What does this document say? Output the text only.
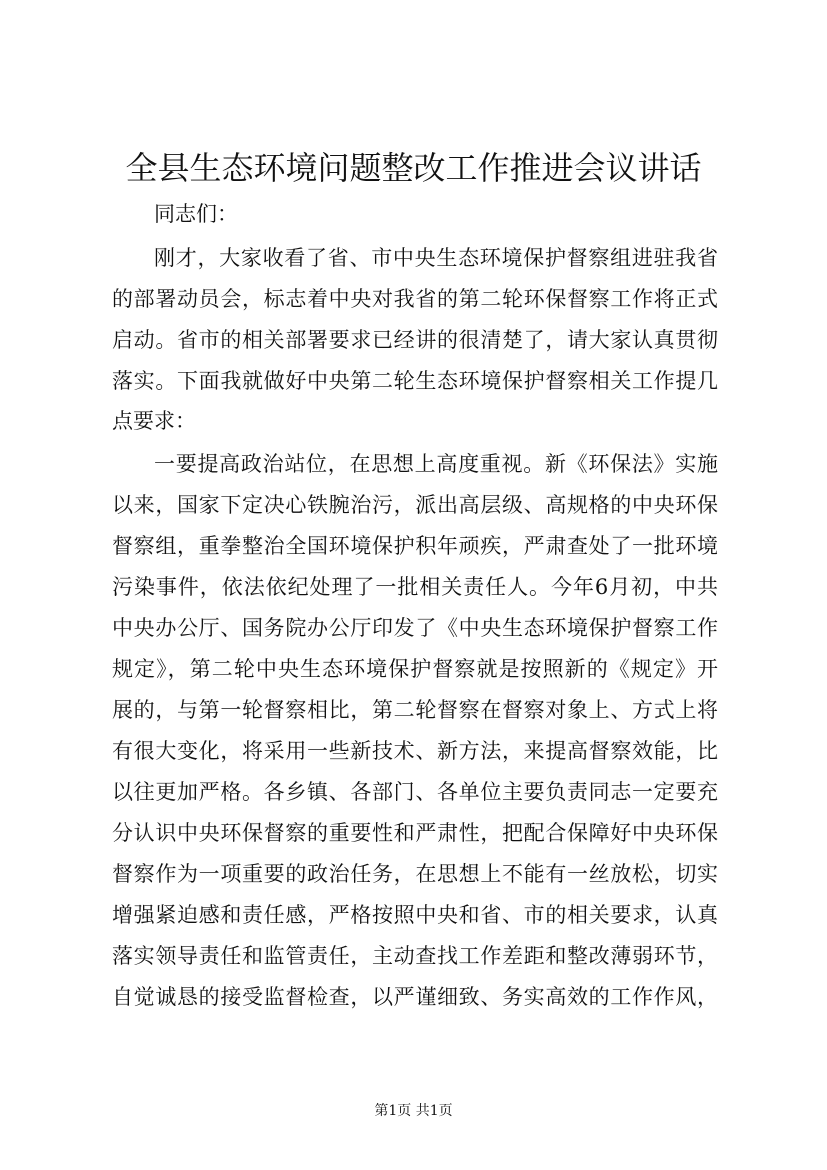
全县生态环境问题整改工作推进会议讲话
同志们：
刚才，大家收看了省、市中央生态环境保护督察组进驻我省
的部署动员会，标志着中央对我省的第二轮环保督察工作将正式
启动。省市的相关部署要求已经讲的很清楚了，请大家认真贯彻
落实。下面我就做好中央第二轮生态环境保护督察相关工作提几
点要求：
一要提高政治站位，在思想上高度重视。新《环保法》实施
以来，国家下定决心铁腕治污，派出高层级、高规格的中央环保
督察组，重拳整治全国环境保护积年顽疾，严肃查处了一批环境
污染事件，依法依纪处理了一批相关责任人。今年6月初，中共
中央办公厅、国务院办公厅印发了《中央生态环境保护督察工作
规定》，第二轮中央生态环境保护督察就是按照新的《规定》开
展的，与第一轮督察相比，第二轮督察在督察对象上、方式上将
有很大变化，将采用一些新技术、新方法，来提高督察效能，比
以往更加严格。各乡镇、各部门、各单位主要负责同志一定要充
分认识中央环保督察的重要性和严肃性，把配合保障好中央环保
督察作为一项重要的政治任务，在思想上不能有一丝放松，切实
增强紧迫感和责任感，严格按照中央和省、市的相关要求，认真
落实领导责任和监管责任，主动查找工作差距和整改薄弱环节，
自觉诚恳的接受监督检查，以严谨细致、务实高效的工作作风，
第1页 共1页
